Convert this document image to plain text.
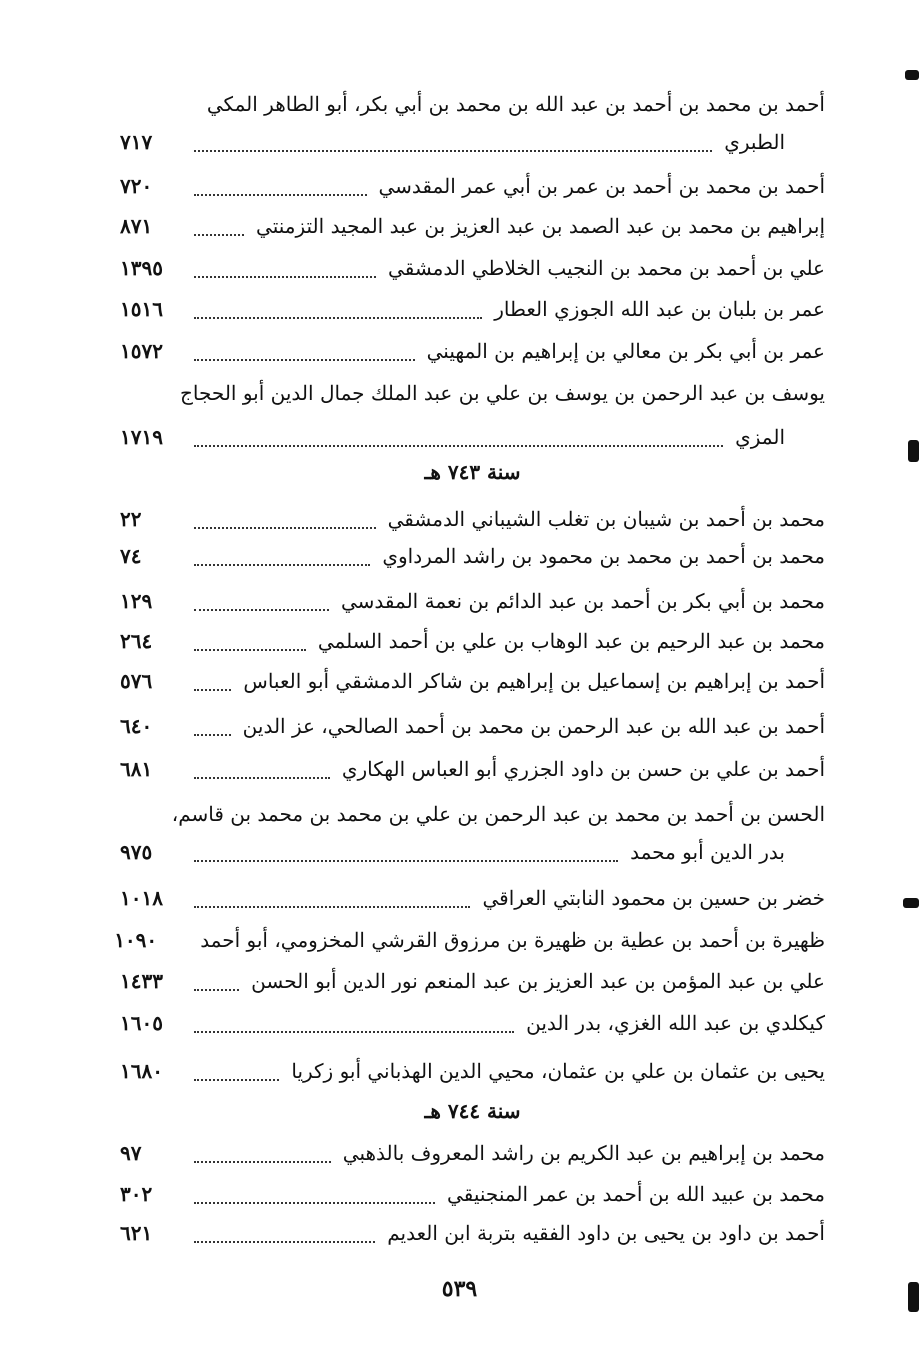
أحمد بن محمد بن أحمد بن عبد الله بن محمد بن أبي بكر، أبو الطاهر المكي
الطبري
٧١٧
أحمد بن محمد بن أحمد بن عمر بن أبي عمر المقدسي
٧٢٠
إبراهيم بن محمد بن عبد الصمد بن عبد العزيز بن عبد المجيد التزمنتي
٨٧١
علي بن أحمد بن محمد بن النجيب الخلاطي الدمشقي
١٣٩٥
عمر بن بلبان بن عبد الله الجوزي العطار
١٥١٦
عمر بن أبي بكر بن معالي بن إبراهيم بن المهيني
١٥٧٢
يوسف بن عبد الرحمن بن يوسف بن علي بن عبد الملك جمال الدين أبو الحجاج
المزي
١٧١٩
سنة ٧٤٣ هـ
محمد بن أحمد بن شيبان بن تغلب الشيباني الدمشقي
٢٢
محمد بن أحمد بن محمد بن محمود بن راشد المرداوي
٧٤
محمد بن أبي بكر بن أحمد بن عبد الدائم بن نعمة المقدسي
١٢٩
محمد بن عبد الرحيم بن عبد الوهاب بن علي بن أحمد السلمي
٢٦٤
أحمد بن إبراهيم بن إسماعيل بن إبراهيم بن شاكر الدمشقي أبو العباس
٥٧٦
أحمد بن عبد الله بن عبد الرحمن بن محمد بن أحمد الصالحي، عز الدين
٦٤٠
أحمد بن علي بن حسن بن داود الجزري أبو العباس الهكاري
٦٨١
الحسن بن أحمد بن محمد بن عبد الرحمن بن علي بن محمد بن محمد بن قاسم،
بدر الدين أبو محمد
٩٧٥
خضر بن حسين بن محمود النابتي العراقي
١٠١٨
ظهيرة بن أحمد بن عطية بن ظهيرة بن مرزوق القرشي المخزومي، أبو أحمد
١٠٩٠
علي بن عبد المؤمن بن عبد العزيز بن عبد المنعم نور الدين أبو الحسن
١٤٣٣
كيكلدي بن عبد الله الغزي، بدر الدين
١٦٠٥
يحيى بن عثمان بن علي بن عثمان، محيي الدين الهذباني أبو زكريا
١٦٨٠
سنة ٧٤٤ هـ
محمد بن إبراهيم بن عبد الكريم بن راشد المعروف بالذهبي
٩٧
محمد بن عبيد الله بن أحمد بن عمر المنجنيقي
٣٠٢
أحمد بن داود بن يحيى بن داود الفقيه بتربة ابن العديم
٦٢١
٥٣٩
